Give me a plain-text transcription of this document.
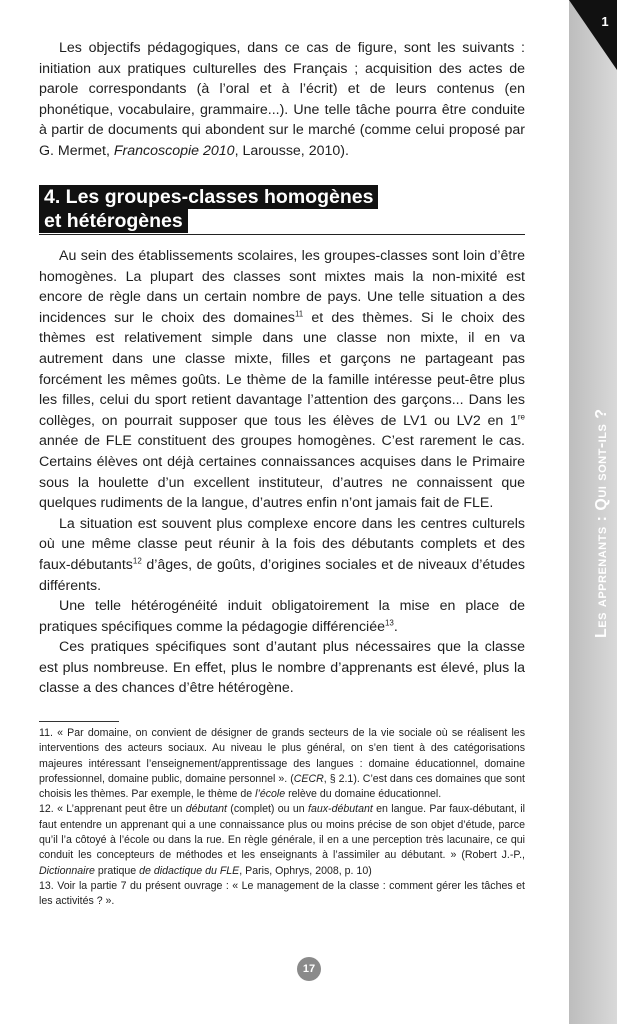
1
Les apprenants : Qui sont-ils ?

Les objectifs pédagogiques, dans ce cas de figure, sont les suivants : initiation aux pratiques culturelles des Français ; acquisition des actes de parole correspondants (à l’oral et à l’écrit) et de leurs contenus (en phonétique, vocabulaire, grammaire...). Une telle tâche pourra être conduite à partir de documents qui abondent sur le marché (comme celui proposé par G. Mermet, Francoscopie 2010, Larousse, 2010).

4. Les groupes-classes homogènes
et hétérogènes

Au sein des établissements scolaires, les groupes-classes sont loin d’être homogènes. La plupart des classes sont mixtes mais la non-mixité est encore de règle dans un certain nombre de pays. Une telle situation a des incidences sur le choix des domaines$^{11}$ et des thèmes. Si le choix des thèmes est relativement simple dans une classe non mixte, il en va autrement dans une classe mixte, filles et garçons ne partageant pas forcément les mêmes goûts. Le thème de la famille intéresse peut-être plus les filles, celui du sport retient davantage l’attention des garçons... Dans les collèges, on pourrait supposer que tous les élèves de LV1 ou LV2 en 1re année de FLE constituent des groupes homogènes. C’est rarement le cas. Certains élèves ont déjà certaines connaissances acquises dans le Primaire sous la houlette d’un excellent instituteur, d’autres ne connaissent que quelques rudiments de la langue, d’autres enfin n’ont jamais fait de FLE.

La situation est souvent plus complexe encore dans les centres culturels où une même classe peut réunir à la fois des débutants complets et des faux-débutants$^{12}$ d’âges, de goûts, d’origines sociales et de niveaux d’études différents.

Une telle hétérogénéité induit obligatoirement la mise en place de pratiques spécifiques comme la pédagogie différenciée$^{13}$.

Ces pratiques spécifiques sont d’autant plus nécessaires que la classe est plus nombreuse. En effet, plus le nombre d’apprenants est élevé, plus la classe a des chances d’être hétérogène.

11. « Par domaine, on convient de désigner de grands secteurs de la vie sociale où se réalisent les interventions des acteurs sociaux. Au niveau le plus général, on s’en tient à des catégorisations majeures intéressant l’enseignement/apprentissage des langues : domaine éducationnel, domaine professionnel, domaine public, domaine personnel ». (CECR, § 2.1). C’est dans ces domaines que sont choisis les thèmes. Par exemple, le thème de l’école relève du domaine éducationnel.

12. « L’apprenant peut être un débutant (complet) ou un faux-débutant en langue. Par faux-débutant, il faut entendre un apprenant qui a une connaissance plus ou moins précise de son objet d’étude, parce qu’il l’a côtoyé à l’école ou dans la rue. En règle générale, il en a une perception très lacunaire, ce qui conduit les concepteurs de méthodes et les enseignants à l’assimiler au débutant. » (Robert J.-P., Dictionnaire pratique de didactique du FLE, Paris, Ophrys, 2008, p. 10)

13. Voir la partie 7 du présent ouvrage : « Le management de la classe : comment gérer les tâches et les activités ? ».

17
